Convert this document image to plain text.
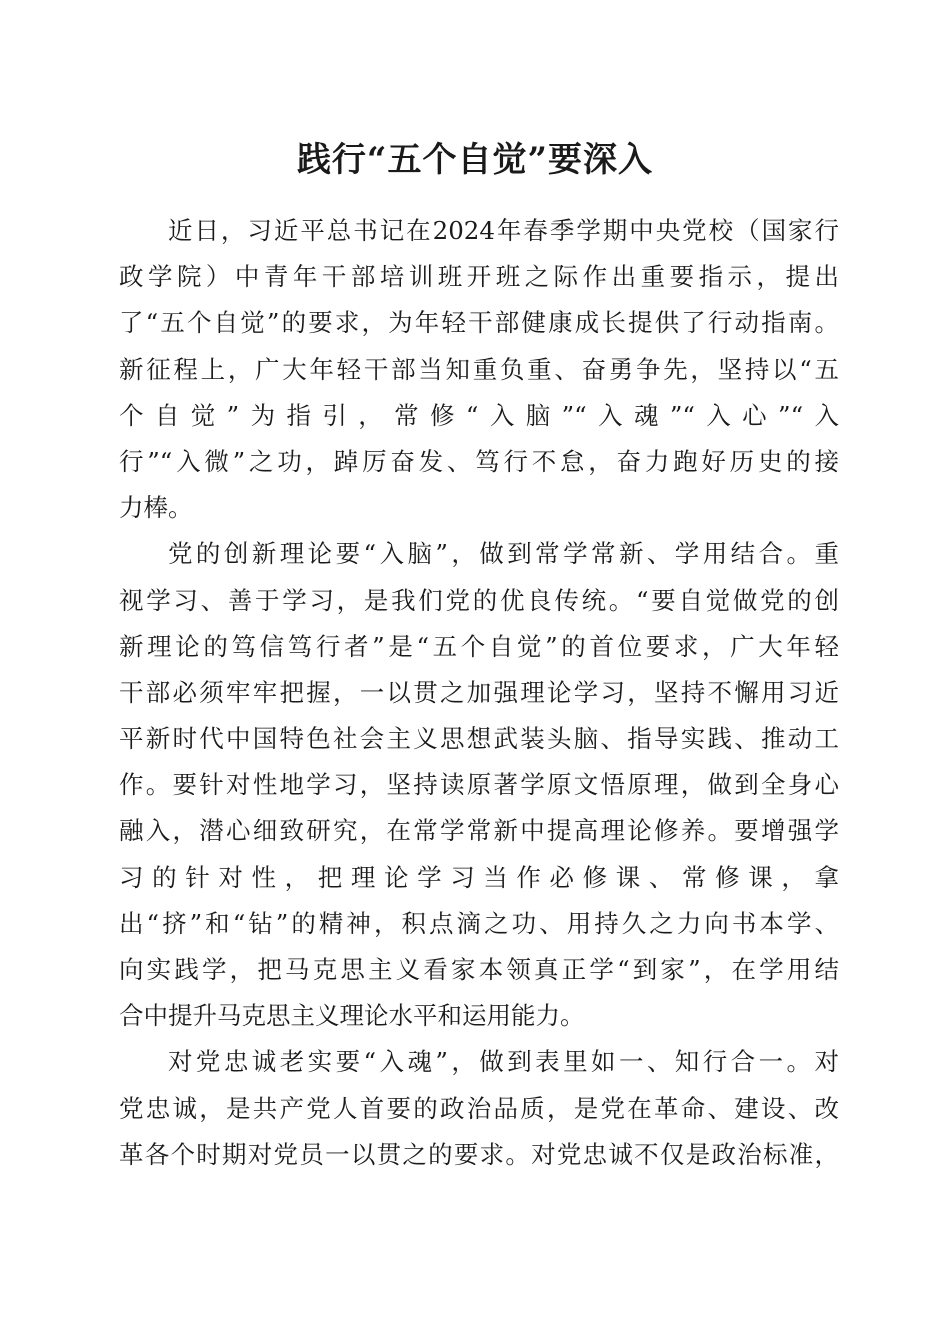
践行“五个自觉”要深入
近日，习近平总书记在2024年春季学期中央党校（国家行
政学院）中青年干部培训班开班之际作出重要指示，提出
了“五个自觉”的要求，为年轻干部健康成长提供了行动指南。
新征程上，广大年轻干部当知重负重、奋勇争先，坚持以“五
个自觉”为指引，常修“入脑”“入魂”“入心”“入
行”“入微”之功，踔厉奋发、笃行不怠，奋力跑好历史的接
力棒。
党的创新理论要“入脑”，做到常学常新、学用结合。重
视学习、善于学习，是我们党的优良传统。“要自觉做党的创
新理论的笃信笃行者”是“五个自觉”的首位要求，广大年轻
干部必须牢牢把握，一以贯之加强理论学习，坚持不懈用习近
平新时代中国特色社会主义思想武装头脑、指导实践、推动工
作。要针对性地学习，坚持读原著学原文悟原理，做到全身心
融入，潜心细致研究，在常学常新中提高理论修养。要增强学
习的针对性，把理论学习当作必修课、常修课，拿
出“挤”和“钻”的精神，积点滴之功、用持久之力向书本学、
向实践学，把马克思主义看家本领真正学“到家”，在学用结
合中提升马克思主义理论水平和运用能力。
对党忠诚老实要“入魂”，做到表里如一、知行合一。对
党忠诚，是共产党人首要的政治品质，是党在革命、建设、改
革各个时期对党员一以贯之的要求。对党忠诚不仅是政治标准，
